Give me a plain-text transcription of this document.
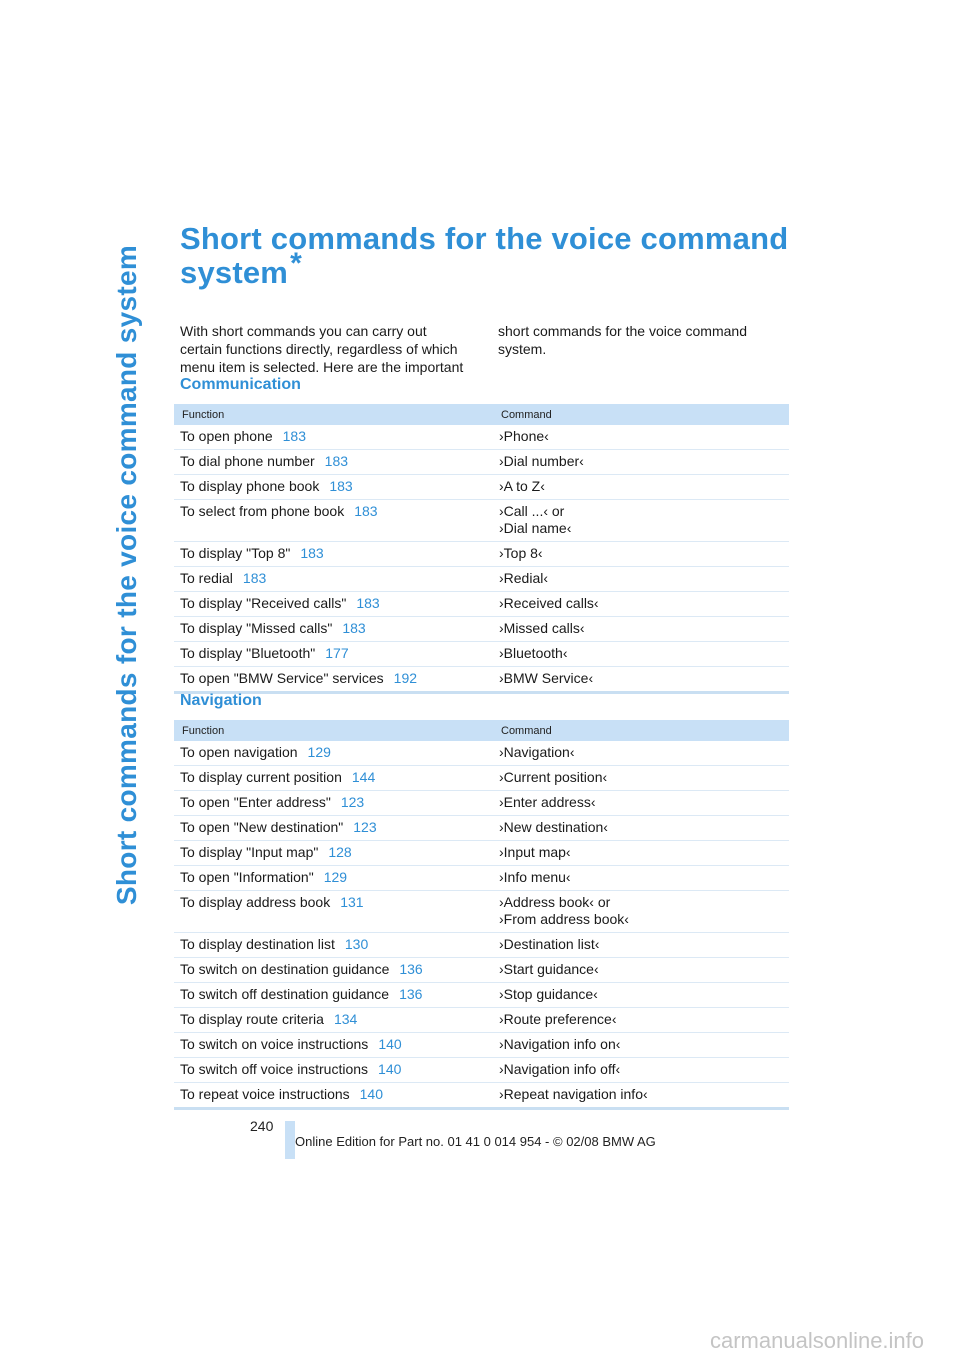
Short commands for the voice command system
Short commands for the voice command system*
With short commands you can carry out certain functions directly, regardless of which menu item is selected. Here are the important short commands for the voice command system.
Communication
Function	Command
To open phone 183	›Phone‹
To dial phone number 183	›Dial number‹
To display phone book 183	›A to Z‹
To select from phone book 183	›Call ...‹ or
›Dial name‹

To display "Top 8" 183	›Top 8‹
To redial 183	›Redial‹
To display "Received calls" 183	›Received calls‹
To display "Missed calls" 183	›Missed calls‹
To display "Bluetooth" 177	›Bluetooth‹
To open "BMW Service" services 192	›BMW Service‹
Navigation
Function	Command
To open navigation 129	›Navigation‹
To display current position 144	›Current position‹
To open "Enter address" 123	›Enter address‹
To open "New destination" 123	›New destination‹
To display "Input map" 128	›Input map‹
To open "Information" 129	›Info menu‹
To display address book 131	›Address book‹ or
›From address book‹

To display destination list 130	›Destination list‹
To switch on destination guidance 136	›Start guidance‹
To switch off destination guidance 136	›Stop guidance‹
To display route criteria 134	›Route preference‹
To switch on voice instructions 140	›Navigation info on‹
To switch off voice instructions 140	›Navigation info off‹
To repeat voice instructions 140	›Repeat navigation info‹
240
Online Edition for Part no. 01 41 0 014 954 - © 02/08 BMW AG
carmanualsonline.info
